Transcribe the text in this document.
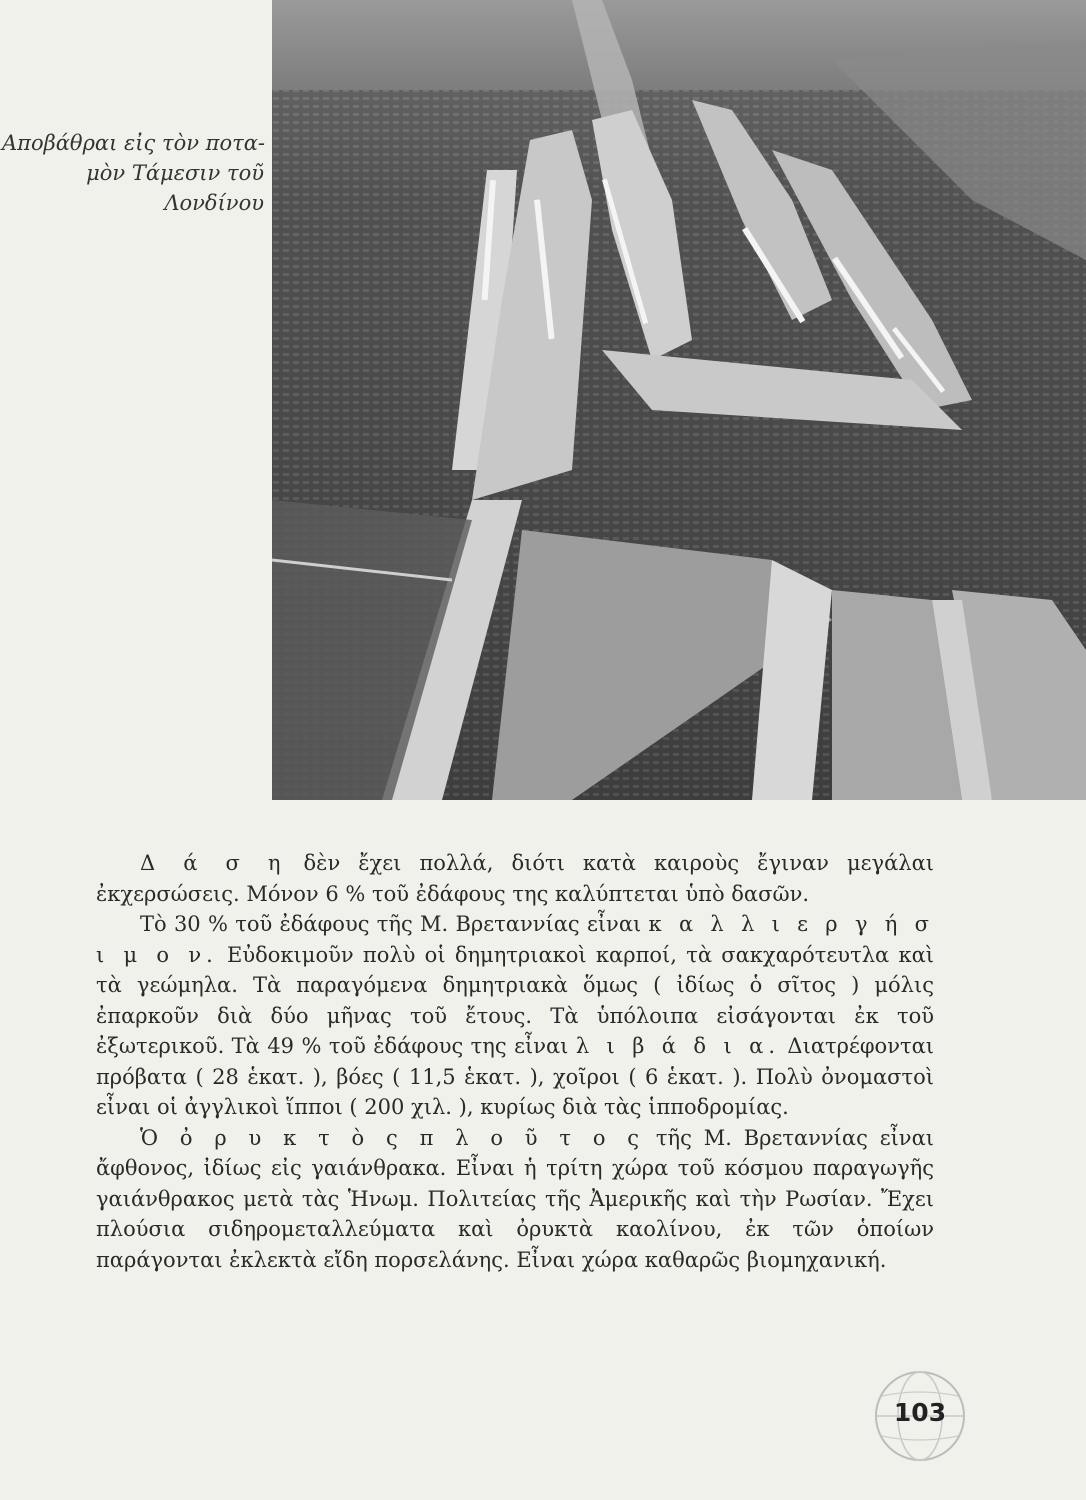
Αποβάθραι εἰς τὸν ποτα-
μὸν Τάμεσιν τοῦ Λονδίνου

Δ ά σ η δὲν ἔχει πολλά, διότι κατὰ καιροὺς ἔγιναν μεγάλαι ἐκχερσώσεις. Μόνον 6 % τοῦ ἐδάφους της καλύπτεται ὑπὸ δασῶν.

Τὸ 30 % τοῦ ἐδάφους τῆς Μ. Βρεταννίας εἶναι κ α λ λ ι ε ρ γ ή σ ι μ ο ν. Εὐδοκιμοῦν πολὺ οἱ δημητριακοὶ καρποί, τὰ σακχαρότευτλα καὶ τὰ γεώμηλα. Τὰ παραγόμενα δημητριακὰ ὅμως ( ἰδίως ὁ σῖτος ) μόλις ἐπαρκοῦν διὰ δύο μῆνας τοῦ ἔτους. Τὰ ὑπόλοιπα εἰσάγονται ἐκ τοῦ ἐξωτερικοῦ. Τὰ 49 % τοῦ ἐδάφους της εἶναι λ ι β ά δ ι α. Διατρέφονται πρόβατα ( 28 ἑκατ. ), βόες ( 11,5 ἑκατ. ), χοῖροι ( 6 ἑκατ. ). Πολὺ ὀνομαστοὶ εἶναι οἱ ἀγγλικοὶ ἵπποι ( 200 χιλ. ), κυρίως διὰ τὰς ἱπποδρομίας.

Ὁ ὀ ρ υ κ τ ὸ ς π λ ο ῦ τ ο ς τῆς Μ. Βρεταννίας εἶναι ἄφθονος, ἰδίως εἰς γαιάνθρακα. Εἶναι ἡ τρίτη χώρα τοῦ κόσμου παραγωγῆς γαιάνθρακος μετὰ τὰς Ἡνωμ. Πολιτείας τῆς Ἀμερικῆς καὶ τὴν Ρωσίαν. Ἔχει πλούσια σιδηρομεταλλεύματα καὶ ὀρυκτὰ καολίνου, ἐκ τῶν ὁποίων παράγονται ἐκλεκτὰ εἴδη πορσελάνης. Εἶναι χώρα καθαρῶς βιομηχανική.

103
